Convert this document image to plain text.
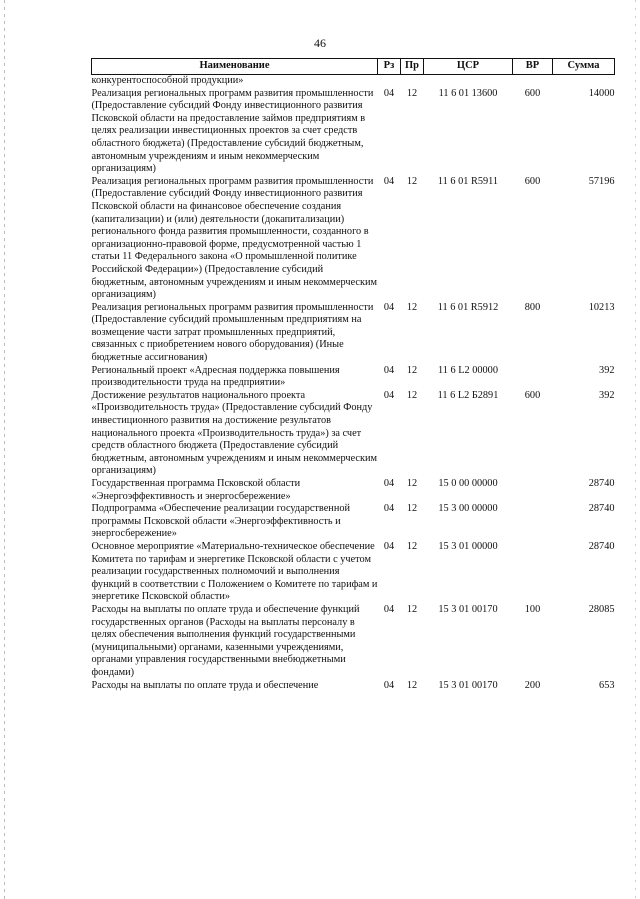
46
Наименование	Рз	Пр	ЦСР	ВР	Сумма
конкурентоспособной продукции»					
Реализация региональных программ развития промышленности (Предоставление субсидий Фонду инвестиционного развития Псковской области на предоставление займов предприятиям в целях реализации инвестиционных проектов за счет средств областного бюджета) (Предоставление субсидий бюджетным, автономным учреждениям и иным некоммерческим организациям)	04	12	11 6 01 13600	600	14000
Реализация региональных программ развития промышленности (Предоставление субсидий Фонду инвестиционного развития Псковской области на финансовое обеспечение создания (капитализации) и (или) деятельности (докапитализации) регионального фонда развития промышленности, созданного в организационно-правовой форме, предусмотренной частью 1 статьи 11 Федерального закона «О промышленной политике Российской Федерации») (Предоставление субсидий бюджетным, автономным учреждениям и иным некоммерческим организациям)	04	12	11 6 01 R5911	600	57196
Реализация региональных программ развития промышленности (Предоставление субсидий промышленным предприятиям на возмещение части затрат промышленных предприятий, связанных с приобретением нового оборудования) (Иные бюджетные ассигнования)	04	12	11 6 01 R5912	800	10213
Региональный проект «Адресная поддержка повышения производительности труда на предприятии»	04	12	11 6 L2 00000		392
Достижение результатов национального проекта «Производительность труда» (Предоставление субсидий Фонду инвестиционного развития на достижение результатов национального проекта «Производительность труда») за счет средств областного бюджета (Предоставление субсидий бюджетным, автономным учреждениям и иным некоммерческим организациям)	04	12	11 6 L2 Б2891	600	392
Государственная программа Псковской области «Энергоэффективность и энергосбережение»	04	12	15 0 00 00000		28740
Подпрограмма «Обеспечение реализации государственной программы Псковской области «Энергоэффективность и энергосбережение»	04	12	15 3 00 00000		28740
Основное мероприятие «Материально-техническое обеспечение Комитета по тарифам и энергетике Псковской области с учетом реализации государственных полномочий и выполнения функций в соответствии с Положением о Комитете по тарифам и энергетике Псковской области»	04	12	15 3 01 00000		28740
Расходы на выплаты по оплате труда и обеспечение функций государственных органов (Расходы на выплаты персоналу в целях обеспечения выполнения функций государственными (муниципальными) органами, казенными учреждениями, органами управления государственными внебюджетными фондами)	04	12	15 3 01 00170	100	28085
Расходы на выплаты по оплате труда и обеспечение	04	12	15 3 01 00170	200	653
